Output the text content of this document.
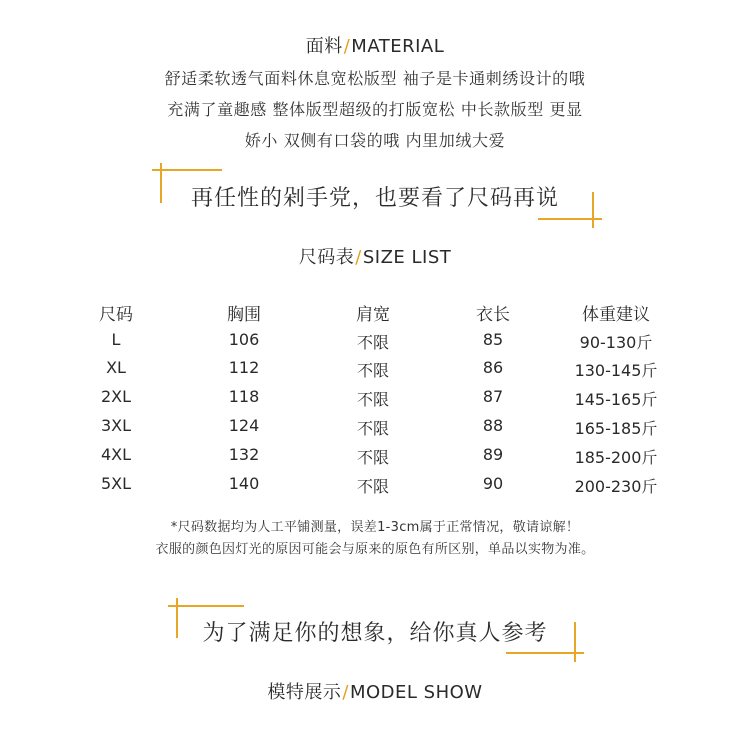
面料/MATERIAL
舒适柔软透气面料休息宽松版型 袖子是卡通刺绣设计的哦
充满了童趣感 整体版型超级的打版宽松 中长款版型 更显
娇小 双侧有口袋的哦 内里加绒大爱
再任性的剁手党，也要看了尺码再说
尺码表/SIZE LIST
尺码	胸围	肩宽	衣长	体重建议
L	106	不限	85	90-130斤
XL	112	不限	86	130-145斤
2XL	118	不限	87	145-165斤
3XL	124	不限	88	165-185斤
4XL	132	不限	89	185-200斤
5XL	140	不限	90	200-230斤
*尺码数据均为人工平铺测量，误差1-3cm属于正常情况，敬请谅解！
衣服的颜色因灯光的原因可能会与原来的原色有所区别，单品以实物为准。
为了满足你的想象，给你真人参考
模特展示/MODEL SHOW
